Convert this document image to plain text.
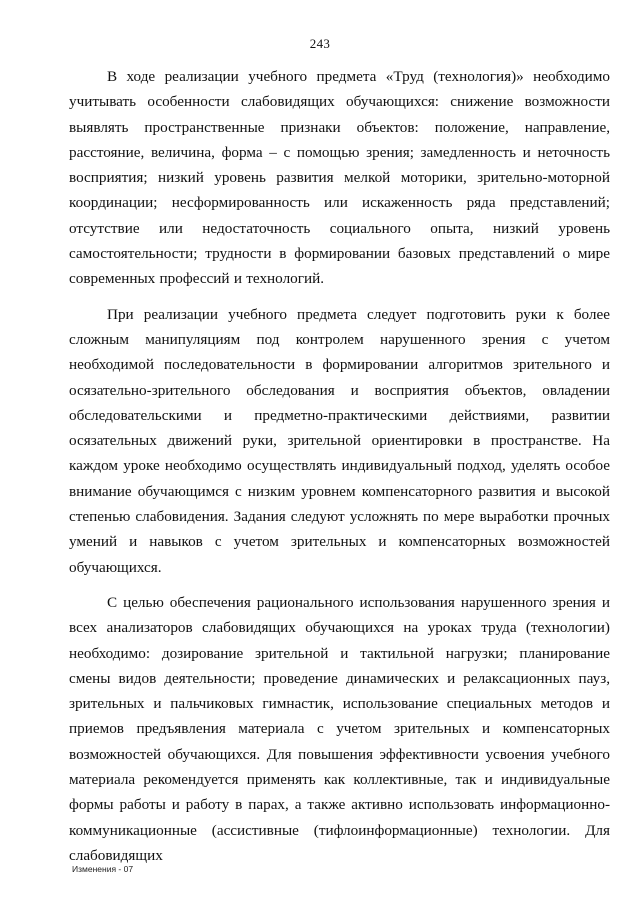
243

В ходе реализации учебного предмета «Труд (технология)» необходимо учитывать особенности слабовидящих обучающихся: снижение возможности выявлять пространственные признаки объектов: положение, направление, расстояние, величина, форма – с помощью зрения; замедленность и неточность восприятия; низкий уровень развития мелкой моторики, зрительно-моторной координации; несформированность или искаженность ряда представлений; отсутствие или недостаточность социального опыта, низкий уровень самостоятельности; трудности в формировании базовых представлений о мире современных профессий и технологий.

При реализации учебного предмета следует подготовить руки к более сложным манипуляциям под контролем нарушенного зрения с учетом необходимой последовательности в формировании алгоритмов зрительного и осязательно-зрительного обследования и восприятия объектов, овладении обследовательскими и предметно-практическими действиями, развитии осязательных движений руки, зрительной ориентировки в пространстве. На каждом уроке необходимо осуществлять индивидуальный подход, уделять особое внимание обучающимся с низким уровнем компенсаторного развития и высокой степенью слабовидения. Задания следуют усложнять по мере выработки прочных умений и навыков с учетом зрительных и компенсаторных возможностей обучающихся.

С целью обеспечения рационального использования нарушенного зрения и всех анализаторов слабовидящих обучающихся на уроках труда (технологии) необходимо: дозирование зрительной и тактильной нагрузки; планирование смены видов деятельности; проведение динамических и релаксационных пауз, зрительных и пальчиковых гимнастик, использование специальных методов и приемов предъявления материала с учетом зрительных и компенсаторных возможностей обучающихся. Для повышения эффективности усвоения учебного материала рекомендуется применять как коллективные, так и индивидуальные формы работы и работу в парах, а также активно использовать информационно-коммуникационные (ассистивные (тифлоинформационные) технологии. Для слабовидящих

Изменения - 07
